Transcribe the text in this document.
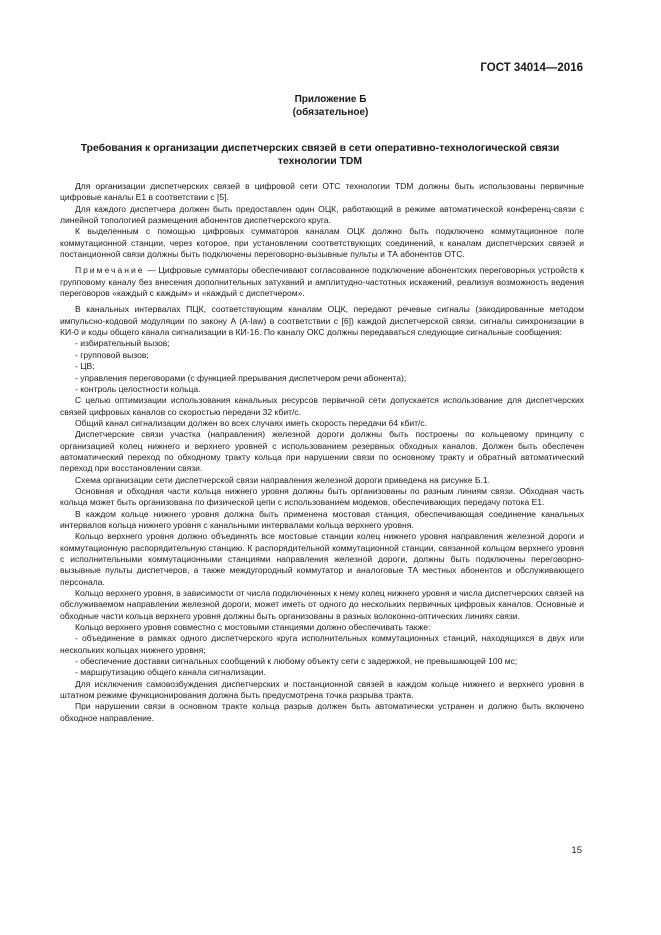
ГОСТ 34014—2016
Приложение Б
(обязательное)
Требования к организации диспетчерских связей в сети оперативно-технологической связи технологии TDM

Для организации диспетчерских связей в цифровой сети ОТС технологии TDM должны быть использованы первичные цифровые каналы Е1 в соответствии с [5].

Для каждого диспетчера должен быть предоставлен один ОЦК, работающий в режиме автоматической конференц-связи с линейной топологией размещения абонентов диспетчерского круга.

К выделенным с помощью цифровых сумматоров каналам ОЦК должно быть подключено коммутационное поле коммутационной станции, через которое, при установлении соответствующих соединений, к каналам диспетчерских связей и постанционной связи должны быть подключены переговорно-вызывные пульты и ТА абонентов ОТС.

Примечание — Цифровые сумматоры обеспечивают согласованное подключение абонентских переговорных устройств к групповому каналу без внесения дополнительных затуханий и амплитудно-частотных искажений, реализуя возможность ведения переговоров «каждый с каждым» и «каждый с диспетчером».

В канальных интервалах ПЦК, соответствующим каналам ОЦК, передают речевые сигналы (закодированные методом импульсно-кодовой модуляции по закону A (A-law) в соответствии с [6]) каждой диспетчерской связи, сигналы синхронизации в КИ-0 и коды общего канала сигнализации в КИ-16. По каналу ОКС должны передаваться следующие сигнальные сообщения:

- избирательный вызов;

- групповой вызов;

- ЦВ;

- управления переговорами (с функцией прерывания диспетчером речи абонента);

- контроль целостности кольца.

С целью оптимизации использования канальных ресурсов первичной сети допускается использование для диспетчерских связей цифровых каналов со скоростью передачи 32 кбит/с.

Общий канал сигнализации должен во всех случаях иметь скорость передачи 64 кбит/с.

Диспетчерские связи участка (направления) железной дороги должны быть построены по кольцевому принципу с организацией колец нижнего и верхнего уровней с использованием резервных обходных каналов. Должен быть обеспечен автоматический переход по обходному тракту кольца при нарушении связи по основному тракту и обратный автоматический переход при восстановлении связи.

Схема организации сети диспетчерской связи направления железной дороги приведена на рисунке Б.1.

Основная и обходная части кольца нижнего уровня должны быть организованы по разным линиям связи. Обходная часть кольца может быть организована по физической цепи с использованием модемов, обеспечивающих передачу потока Е1.

В каждом кольце нижнего уровня должна быть применена мостовая станция, обеспечивающая соединение канальных интервалов кольца нижнего уровня с канальными интервалами кольца верхнего уровня.

Кольцо верхнего уровня должно объединять все мостовые станции колец нижнего уровня направления железной дороги и коммутационную распорядительную станцию. К распорядительной коммутационной станции, связанной кольцом верхнего уровня с исполнительными коммутационными станциями направления железной дороги, должны быть подключены переговорно-вызывные пульты диспетчеров, а также междугородный коммутатор и аналоговые ТА местных абонентов и обслуживающего персонала.

Кольцо верхнего уровня, в зависимости от числа подключенных к нему колец нижнего уровня и числа диспетчерских связей на обслуживаемом направлении железной дороги, может иметь от одного до нескольких первичных цифровых каналов. Основные и обходные части кольца верхнего уровня должны быть организованы в разных волоконно-оптических линиях связи.

Кольцо верхнего уровня совместно с мостовыми станциями должно обеспечивать также:

- объединение в рамках одного диспетчерского круга исполнительных коммутационных станций, находящихся в двух или нескольких кольцах нижнего уровня;

- обеспечение доставки сигнальных сообщений к любому объекту сети с задержкой, не превышающей 100 мс;

- маршрутизацию общего канала сигнализации.

Для исключения самовозбуждения диспетчерских и постанционной связей в каждом кольце нижнего и верхнего уровня в штатном режиме функционирования должна быть предусмотрена точка разрыва тракта.

При нарушении связи в основном тракте кольца разрыв должен быть автоматически устранен и должно быть включено обходное направление.

15
